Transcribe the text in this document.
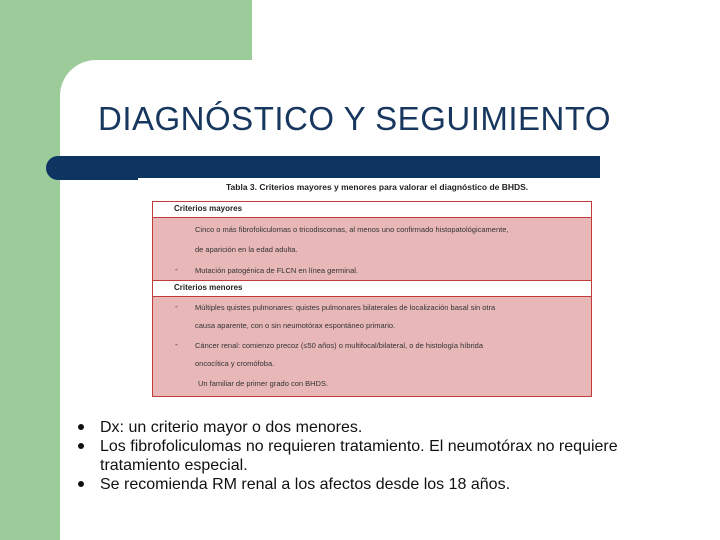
DIAGNÓSTICO Y SEGUIMIENTO
Tabla 3. Criterios mayores y menores para valorar el diagnóstico de BHDS.
Criterios mayores
Cinco o más fibrofoliculomas o tricodiscomas, al menos uno confirmado histopatológicamente,
de aparición en la edad adulta.
- Mutación patogénica de FLCN en línea germinal.
Criterios menores
- Múltiples quistes pulmonares: quistes pulmonares bilaterales de localización basal sin otra
causa aparente, con o sin neumotórax espontáneo primario.
- Cáncer renal: comienzo precoz (≤50 años) o multifocal/bilateral, o de histología híbrida
oncocítica y cromófoba.
Un familiar de primer grado con BHDS.
Dx: un criterio mayor o dos menores.
Los fibrofoliculomas no requieren tratamiento. El neumotórax no requiere tratamiento especial.
Se recomienda RM renal a los afectos desde los 18 años.
